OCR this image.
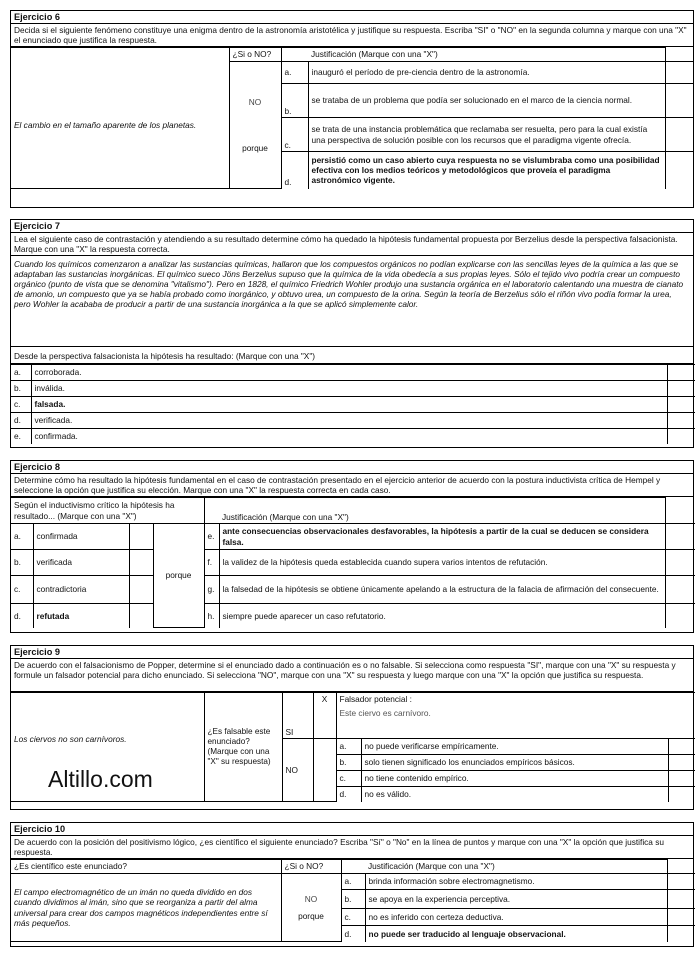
Ejercicio 6
Decida si el siguiente fenómeno constituye una enigma dentro de la astronomía aristotélica y justifique su respuesta. Escriba "SI" o "NO" en la segunda columna y marque con una "X" el enunciado que justifica la respuesta.
	¿Si o NO?		Justificación (Marque con una "X")	
El cambio en el tamaño aparente de los planetas.	NO
porque	a.	inauguró el período de pre-ciencia dentro de la astronomía.	
		b.	se trataba de un problema que podía ser solucionado en el marco de la ciencia normal.	
		c.	se trata de una instancia problemática que reclamaba ser resuelta, pero para la cual existía una perspectiva de solución posible con los recursos que el paradigma vigente ofrecía.	
		d.	persistió como un caso abierto cuya respuesta no se vislumbraba como una posibilidad efectiva con los medios teóricos y metodológicos que proveía el paradigma astronómico vigente.	
Ejercicio 7
Lea el siguiente caso de contrastación y atendiendo a su resultado determine cómo ha quedado la hipótesis fundamental propuesta por Berzelius desde la perspectiva falsacionista. Marque con una "X" la respuesta correcta.
Cuando los químicos comenzaron a analizar las sustancias químicas, hallaron que los compuestos orgánicos no podían explicarse con las sencillas leyes de la química a las que se adaptaban las sustancias inorgánicas. El químico sueco Jöns Berzelius supuso que la química de la vida obedecía a sus propias leyes. Sólo el tejido vivo podría crear un compuesto orgánico (punto de vista que se denomina "vitalismo"). Pero en 1828, el químico Friedrich Wohler produjo una sustancia orgánica en el laboratorio calentando una muestra de cianato de amonio, un compuesto que ya se había probado como inorgánico, y obtuvo urea, un compuesto de la orina. Según la teoría de Berzelius sólo el riñón vivo podía formar la urea, pero Wohler la acababa de producir a partir de una sustancia inorgánica a la que se aplicó simplemente calor.
Desde la perspectiva falsacionista la hipótesis ha resultado: (Marque con una "X")
a.	corroborada.	
b.	inválida.	
c.	falsada.	
d.	verificada.	
e.	confirmada.	
Ejercicio 8
Determine cómo ha resultado la hipótesis fundamental en el caso de contrastación presentado en el ejercicio anterior de acuerdo con la postura inductivista crítica de Hempel y seleccione la opción que justifica su elección. Marque con una "X" la respuesta correcta en cada caso.
Según el inductivismo crítico la hipótesis ha resultado... (Marque con una "X")					Justificación (Marque con una "X")	
a.	confirmada		porque	e.	ante consecuencias observacionales desfavorables, la hipótesis a partir de la cual se deducen se considera falsa.	
b.	verificada			f.	la validez de la hipótesis queda establecida cuando supera varios intentos de refutación.	
c.	contradictoria			g.	la falsedad de la hipótesis se obtiene únicamente apelando a la estructura de la falacia de afirmación del consecuente.	
d.	refutada			h.	siempre puede aparecer un caso refutatorio.	
Ejercicio 9
De acuerdo con el falsacionismo de Popper, determine si el enunciado dado a continuación es o no falsable. Si selecciona como respuesta "SI", marque con una "X" su respuesta y formule un falsador potencial para dicho enunciado. Si selecciona "NO", marque con una "X" su respuesta y luego marque con una "X" la opción que justifica su respuesta.
Los ciervos no son carnívoros.	¿Es falsable este enunciado? (Marque con una "X" su respuesta)	SI	X	Falsador potencial :
Este ciervo es carnívoro.		

		NO		a.	no puede verificarse empíricamente.	
				b.	solo tienen significado los enunciados empíricos básicos.	
				c.	no tiene contenido empírico.	
				d.	no es válido.	
Altillo.com
Ejercicio 10
De acuerdo con la posición del positivismo lógico, ¿es científico el siguiente enunciado? Escriba "Sí" o "No" en la línea de puntos y marque con una "X" la opción que justifica su respuesta.
¿Es científico este enunciado?	¿Si o NO?		Justificación (Marque con una "X")	
El campo electromagnético de un imán no queda dividido en dos cuando dividimos al imán, sino que se reorganiza a partir del alma universal para crear dos campos magnéticos independientes entre sí más pequeños.	NO
porque	a.	brinda información sobre electromagnetismo.	
		b.	se apoya en la experiencia perceptiva.	
		c.	no es inferido con certeza deductiva.	
		d.	no puede ser traducido al lenguaje observacional.	
